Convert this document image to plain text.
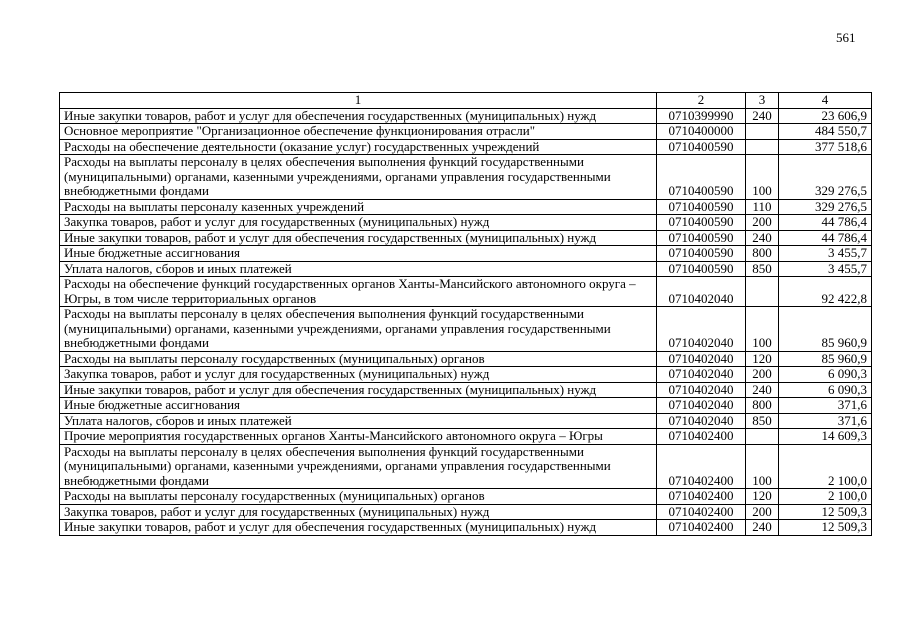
561
1	2	3	4
Иные закупки товаров, работ и услуг для обеспечения государственных (муниципальных) нужд	0710399990	240	23 606,9
Основное мероприятие "Организационное обеспечение функционирования отрасли"	0710400000		484 550,7
Расходы на обеспечение деятельности (оказание услуг) государственных учреждений	0710400590		377 518,6
Расходы на выплаты персоналу в целях обеспечения выполнения функций государственными (муниципальными) органами, казенными учреждениями, органами управления государственными внебюджетными фондами	0710400590	100	329 276,5
Расходы на выплаты персоналу казенных учреждений	0710400590	110	329 276,5
Закупка товаров, работ и услуг для государственных (муниципальных) нужд	0710400590	200	44 786,4
Иные закупки товаров, работ и услуг для обеспечения государственных (муниципальных) нужд	0710400590	240	44 786,4
Иные бюджетные ассигнования	0710400590	800	3 455,7
Уплата налогов, сборов и иных платежей	0710400590	850	3 455,7
Расходы на обеспечение функций государственных органов Ханты-Мансийского автономного округа – Югры, в том числе территориальных органов	0710402040		92 422,8
Расходы на выплаты персоналу в целях обеспечения выполнения функций государственными (муниципальными) органами, казенными учреждениями, органами управления государственными внебюджетными фондами	0710402040	100	85 960,9
Расходы на выплаты персоналу государственных (муниципальных) органов	0710402040	120	85 960,9
Закупка товаров, работ и услуг для государственных (муниципальных) нужд	0710402040	200	6 090,3
Иные закупки товаров, работ и услуг для обеспечения государственных (муниципальных) нужд	0710402040	240	6 090,3
Иные бюджетные ассигнования	0710402040	800	371,6
Уплата налогов, сборов и иных платежей	0710402040	850	371,6
Прочие мероприятия государственных органов Ханты-Мансийского автономного округа – Югры	0710402400		14 609,3
Расходы на выплаты персоналу в целях обеспечения выполнения функций государственными (муниципальными) органами, казенными учреждениями, органами управления государственными внебюджетными фондами	0710402400	100	2 100,0
Расходы на выплаты персоналу государственных (муниципальных) органов	0710402400	120	2 100,0
Закупка товаров, работ и услуг для государственных (муниципальных) нужд	0710402400	200	12 509,3
Иные закупки товаров, работ и услуг для обеспечения государственных (муниципальных) нужд	0710402400	240	12 509,3
